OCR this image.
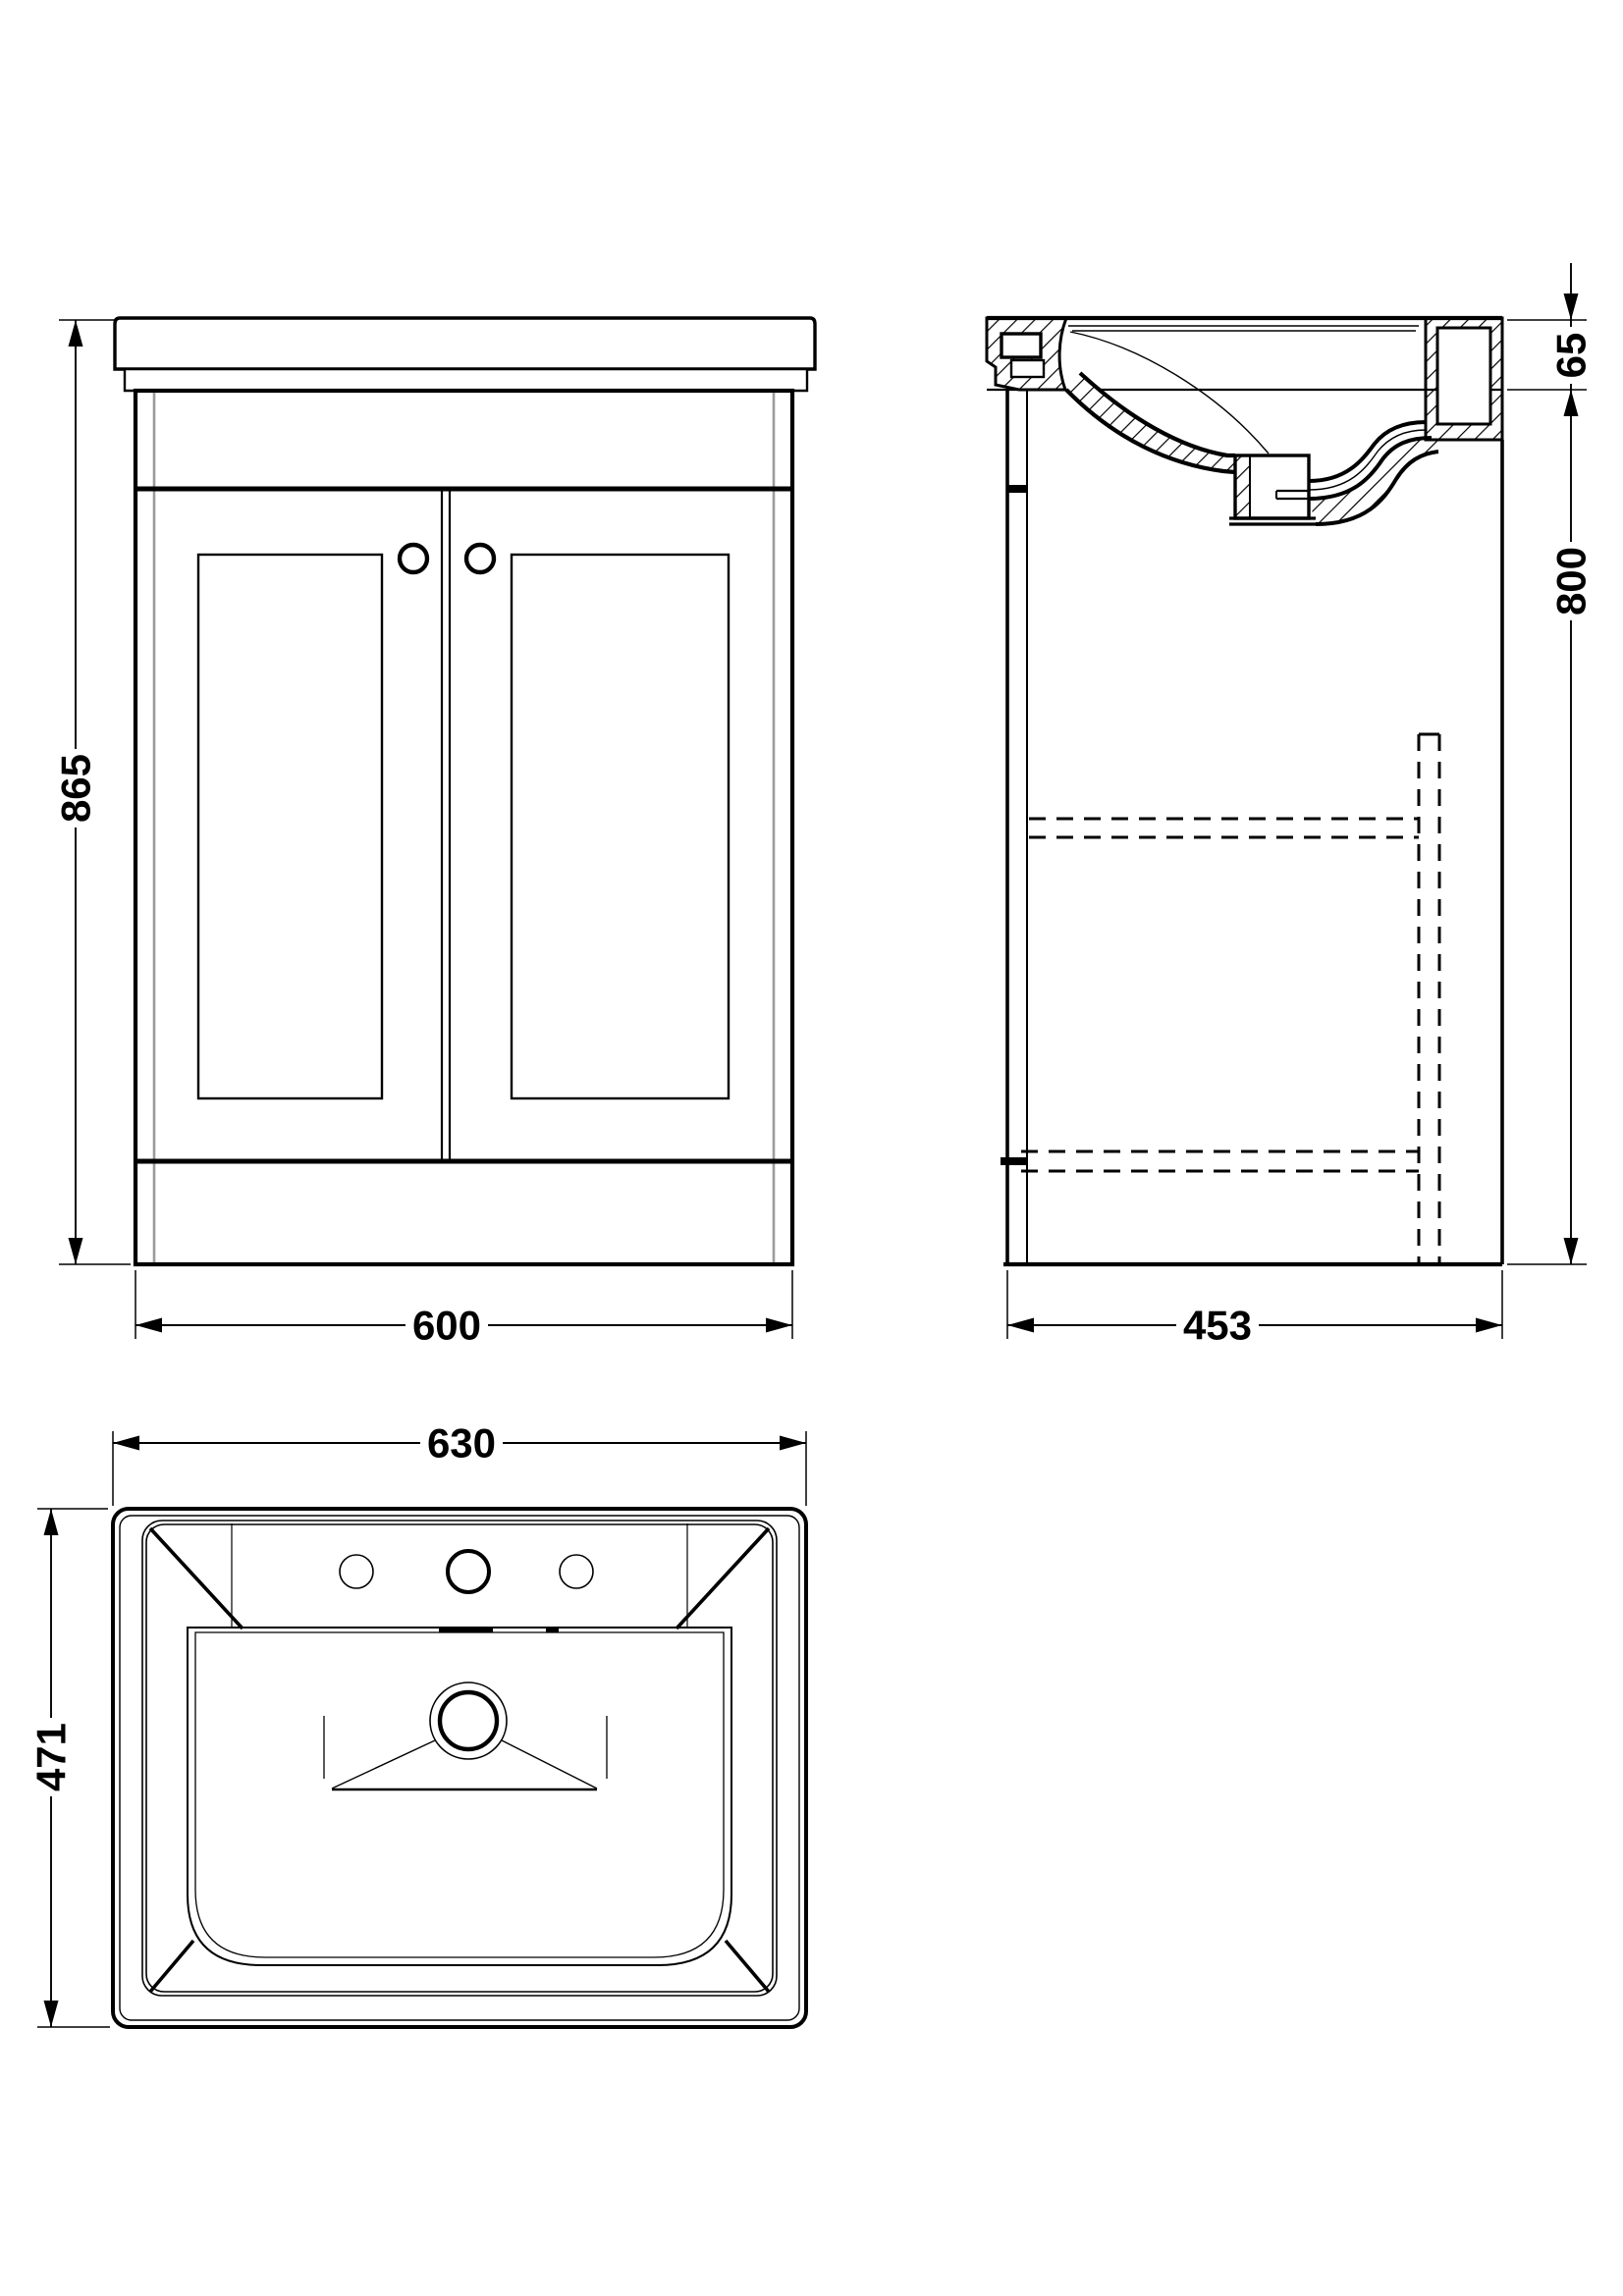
865
600
65
800
453
630
471
